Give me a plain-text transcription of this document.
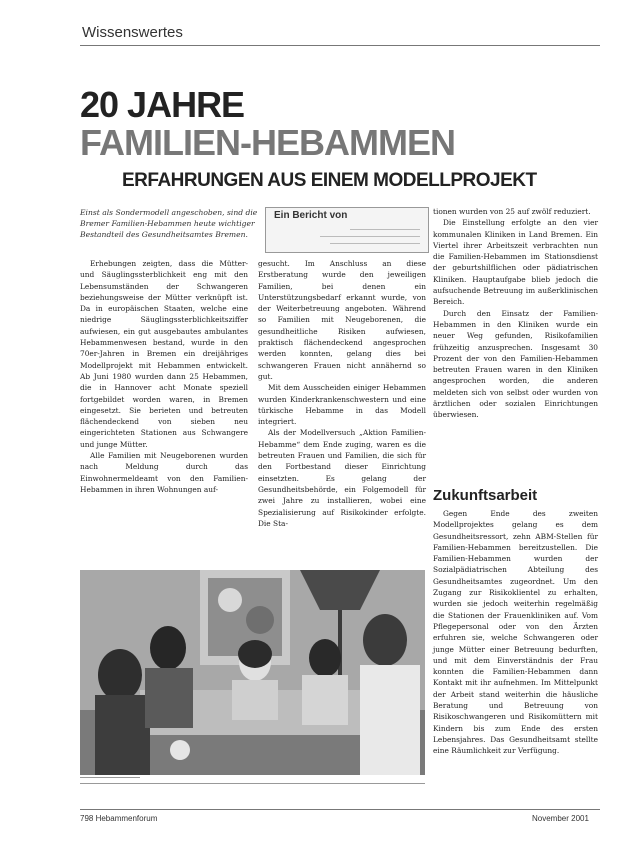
Wissenswertes
20 JAHRE
FAMILIEN-HEBAMMEN
ERFAHRUNGEN AUS EINEM MODELLPROJEKT
Einst als Sondermodell angeschoben, sind die Bremer Familien-Hebammen heute wichtiger Bestandteil des Gesundheitsamtes Bremen.
Ein Bericht von

Erhebungen zeigten, dass die Mütter- und Säuglingssterblichkeit eng mit den Lebensumständen der Schwangeren beziehungsweise der Mütter verknüpft ist. Da in europäischen Staaten, welche eine niedrige Säuglingssterblichkeitsziffer aufwiesen, ein gut ausgebautes ambulantes Hebammenwesen bestand, wurde in den 70er-Jahren in Bremen ein dreijähriges Modellprojekt mit Hebammen entwickelt. Ab Juni 1980 wurden dann 25 Hebammen, die in Hannover acht Monate speziell fortgebildet worden waren, in Bremen eingesetzt. Sie berieten und betreuten flächendeckend von sieben neu eingerichteten Stationen aus Schwangere und junge Mütter.

Alle Familien mit Neugeborenen wurden nach Meldung durch das Einwohnermeldeamt von den Familien-Hebammen in ihren Wohnungen auf-

gesucht. Im Anschluss an diese Erstberatung wurde den jeweiligen Familien, bei denen ein Unterstützungsbedarf erkannt wurde, von der Weiterbetreuung angeboten. Während so Familien mit Neugeborenen, die gesundheitliche Risiken aufwiesen, praktisch flächendeckend angesprochen werden konnten, gelang dies bei schwangeren Frauen nicht annähernd so gut.

Mit dem Ausscheiden einiger Hebammen wurden Kinderkrankenschwestern und eine türkische Hebamme in das Modell integriert.

Als der Modellversuch „Aktion Familien-Hebamme“ dem Ende zuging, waren es die betreuten Frauen und Familien, die sich für den Fortbestand dieser Einrichtung einsetzten. Es gelang der Gesundheitsbehörde, ein Folgemodell für zwei Jahre zu installieren, wobei eine Spezialisierung auf Risikokinder erfolgte. Die Sta-

tionen wurden von 25 auf zwölf reduziert.

Die Einstellung erfolgte an den vier kommunalen Kliniken in Land Bremen. Ein Viertel ihrer Arbeitszeit verbrachten nun die Familien-Hebammen im Stationsdienst der geburtshilflichen oder pädiatrischen Kliniken. Hauptaufgabe blieb jedoch die aufsuchende Betreuung im außerklinischen Bereich.

Durch den Einsatz der Familien-Hebammen in den Kliniken wurde ein neuer Weg gefunden, Risikofamilien frühzeitig anzusprechen. Insgesamt 30 Prozent der von den Familien-Hebammen betreuten Frauen waren in den Kliniken angesprochen worden, die anderen meldeten sich von selbst oder wurden von ärztlichen oder sozialen Einrichtungen überwiesen.

Zukunftsarbeit

Gegen Ende des zweiten Modellprojektes gelang es dem Gesundheitsressort, zehn ABM-Stellen für Familien-Hebammen bereitzustellen. Die Familien-Hebammen wurden der Sozialpädiatrischen Abteilung des Gesundheitsamtes zugeordnet. Um den Zugang zur Risikoklientel zu erhalten, wurden sie jedoch weiterhin regelmäßig die Stationen der Frauenkliniken auf. Vom Pflegepersonal oder von den Ärzten erfuhren sie, welche Schwangeren oder junge Mütter einer Betreuung bedurften, und mit dem Einverständnis der Frau konnten die Familien-Hebammen dann Kontakt mit ihr aufnehmen. Im Mittelpunkt der Arbeit stand weiterhin die häusliche Beratung und Betreuung von Risikoschwangeren und Risikomüttern mit Kindern bis zum Ende des ersten Lebensjahres. Das Gesundheitsamt stellte eine Räumlichkeit zur Verfügung.

798 Hebammenforum	November 2001
